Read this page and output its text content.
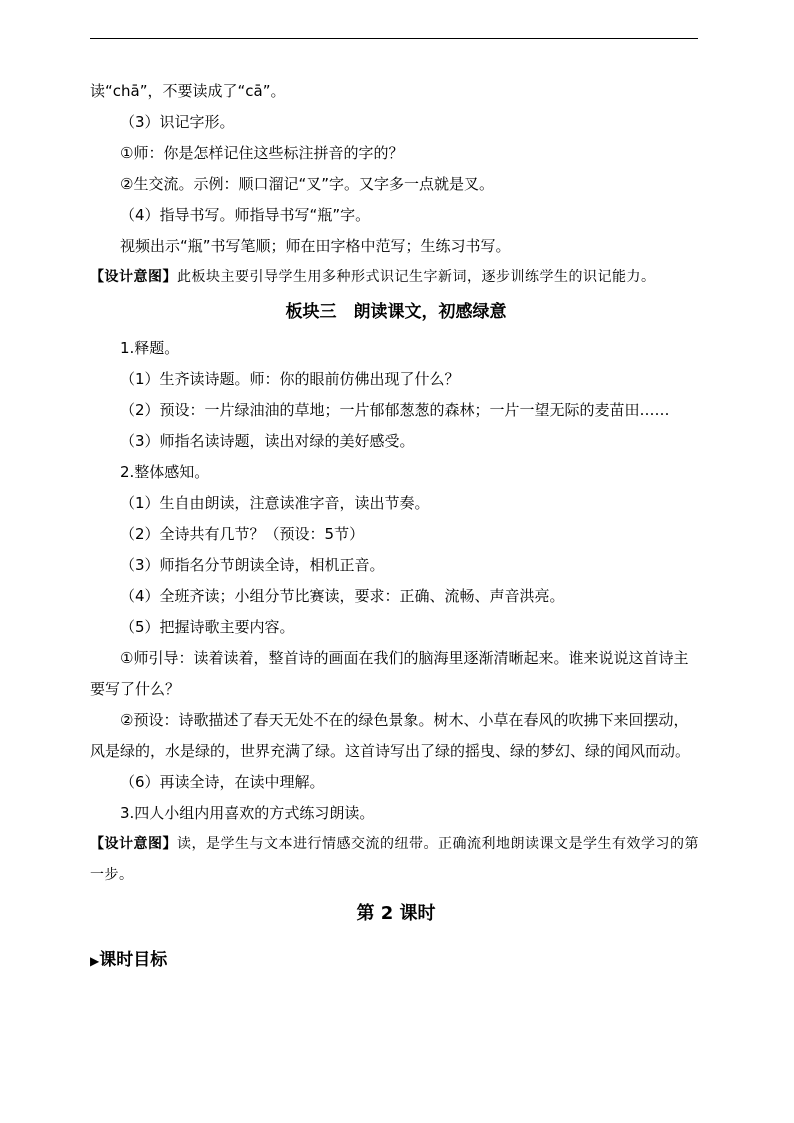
读“chā”，不要读成了“cā”。
（3）识记字形。
①师：你是怎样记住这些标注拼音的字的？
②生交流。示例：顺口溜记“叉”字。又字多一点就是叉。
（4）指导书写。师指导书写“瓶”字。
视频出示“瓶”书写笔顺；师在田字格中范写；生练习书写。
【设计意图】此板块主要引导学生用多种形式识记生字新词，逐步训练学生的识记能力。
板块三　朗读课文，初感绿意
1.释题。
（1）生齐读诗题。师：你的眼前仿佛出现了什么？
（2）预设：一片绿油油的草地；一片郁郁葱葱的森林；一片一望无际的麦苗田……
（3）师指名读诗题，读出对绿的美好感受。
2.整体感知。
（1）生自由朗读，注意读准字音，读出节奏。
（2）全诗共有几节？（预设：5节）
（3）师指名分节朗读全诗，相机正音。
（4）全班齐读；小组分节比赛读，要求：正确、流畅、声音洪亮。
（5）把握诗歌主要内容。
①师引导：读着读着，整首诗的画面在我们的脑海里逐渐清晰起来。谁来说说这首诗主要写了什么？
②预设：诗歌描述了春天无处不在的绿色景象。树木、小草在春风的吹拂下来回摆动，风是绿的，水是绿的，世界充满了绿。这首诗写出了绿的摇曳、绿的梦幻、绿的闻风而动。
（6）再读全诗，在读中理解。
3.四人小组内用喜欢的方式练习朗读。
【设计意图】读，是学生与文本进行情感交流的纽带。正确流利地朗读课文是学生有效学习的第一步。
第 2 课时
▶课时目标
